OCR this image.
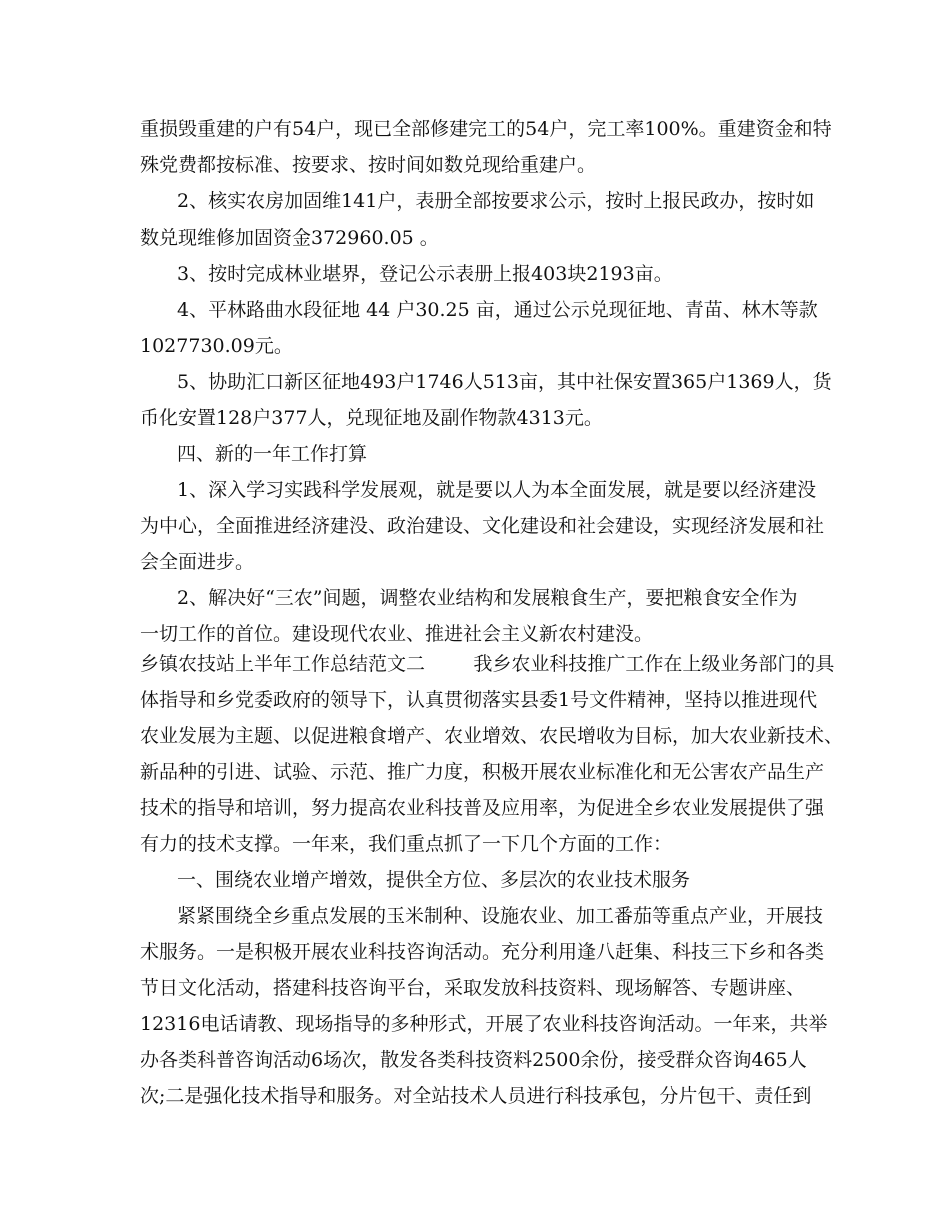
重损毁重建的户有54户，现已全部修建完工的54户，完工率100%。重建资金和特
殊党费都按标准、按要求、按时间如数兑现给重建户。
2、核实农房加固维141户，表册全部按要求公示，按时上报民政办，按时如
数兑现维修加固资金372960.05 。
3、按时完成林业堪界，登记公示表册上报403块2193亩。
4、平林路曲水段征地 44 户30.25 亩，通过公示兑现征地、青苗、林木等款
1027730.09元。
5、协助汇口新区征地493户1746人513亩，其中社保安置365户1369人，货
币化安置128户377人，兑现征地及副作物款4313元。
四、新的一年工作打算
1、深入学习实践科学发展观，就是要以人为本全面发展，就是要以经济建没
为中心，全面推进经济建没、政治建设、文化建设和社会建设，实现经济发展和社
会全面进步。
2、解决好“三农”间题，调整农业结构和发展粮食生产，要把粮食安全作为
一切工作的首位。建设现代农业、推进社会主义新农村建没。
乡镇农技站上半年工作总结范文二        我乡农业科技推广工作在上级业务部门的具
体指导和乡党委政府的领导下，认真贯彻落实县委1号文件精神，坚持以推进现代
农业发展为主题、以促进粮食增产、农业增效、农民增收为目标，加大农业新技术、
新品种的引进、试验、示范、推广力度，积极开展农业标准化和无公害农产品生产
技术的指导和培训，努力提高农业科技普及应用率，为促进全乡农业发展提供了强
有力的技术支撑。一年来，我们重点抓了一下几个方面的工作：
一、围绕农业增产增效，提供全方位、多层次的农业技术服务
紧紧围绕全乡重点发展的玉米制种、设施农业、加工番茄等重点产业，开展技
术服务。一是积极开展农业科技咨询活动。充分利用逢八赶集、科技三下乡和各类
节日文化活动，搭建科技咨询平台，采取发放科技资料、现场解答、专题讲座、
12316电话请教、现场指导的多种形式，开展了农业科技咨询活动。一年来，共举
办各类科普咨询活动6场次，散发各类科技资料2500余份，接受群众咨询465人
次;二是强化技术指导和服务。对全站技术人员进行科技承包，分片包干、责任到
